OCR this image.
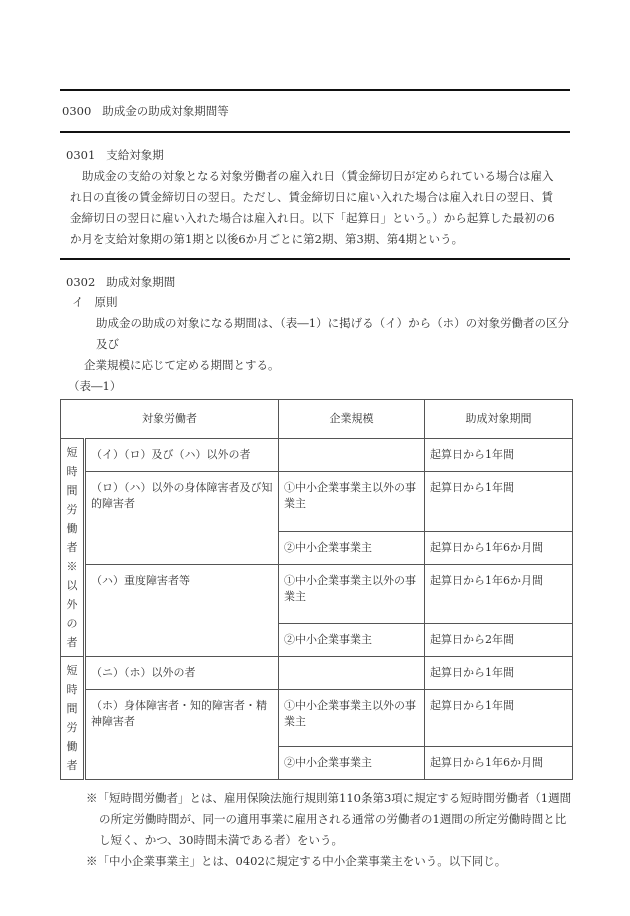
0300 助成金の助成対象期間等
0301 支給対象期
助成金の支給の対象となる対象労働者の雇入れ日（賃金締切日が定められている場合は雇入
れ日の直後の賃金締切日の翌日。ただし、賃金締切日に雇い入れた場合は雇入れ日の翌日、賃
金締切日の翌日に雇い入れた場合は雇入れ日。以下「起算日」という。）から起算した最初の6
か月を支給対象期の第1期と以後6か月ごとに第2期、第3期、第4期という。
0302 助成対象期間
イ 原則
助成金の助成の対象になる期間は、（表―1）に掲げる（イ）から（ホ）の対象労働者の区分及び
企業規模に応じて定める期間とする。
（表―1）
対象労働者		企業規模	助成対象期間
短時間労働者※以外の者	（イ）（ロ）及び（ハ）以外の者		起算日から1年間
	（ロ）（ハ）以外の身体障害者及び知的障害者	①中小企業事業主以外の事業主	起算日から1年間
		②中小企業事業主	起算日から1年6か月間
	（ハ）重度障害者等	①中小企業事業主以外の事業主	起算日から1年6か月間
		②中小企業事業主	起算日から2年間
短時間労働者	（ニ）（ホ）以外の者		起算日から1年間
	（ホ）身体障害者・知的障害者・精神障害者	①中小企業事業主以外の事業主	起算日から1年間
		②中小企業事業主	起算日から1年6か月間
※「短時間労働者」とは、雇用保険法施行規則第110条第3項に規定する短時間労働者（1週間
の所定労働時間が、同一の適用事業に雇用される通常の労働者の1週間の所定労働時間と比
し短く、かつ、30時間未満である者）をいう。
※「中小企業事業主」とは、0402に規定する中小企業事業主をいう。以下同じ。
